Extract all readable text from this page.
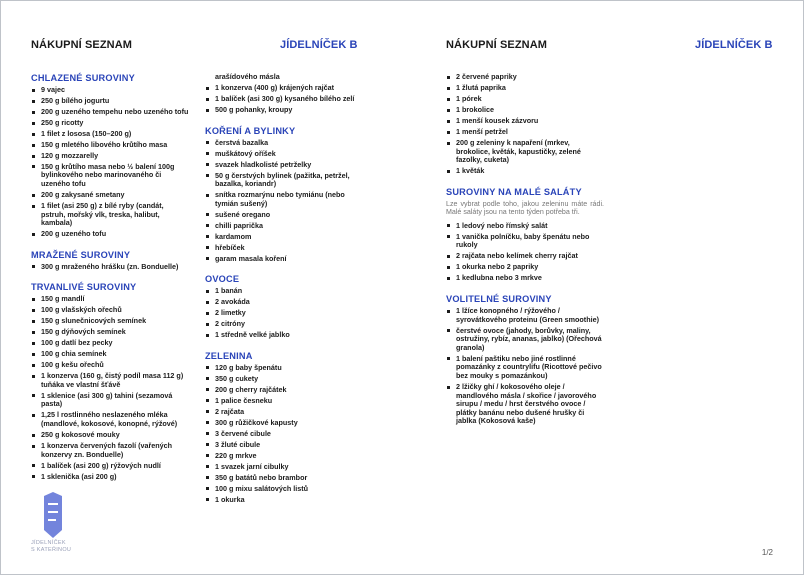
NÁKUPNÍ SEZNAM	JÍDELNÍČEK B	NÁKUPNÍ SEZNAM	JÍDELNÍČEK B
CHLAZENÉ SUROVINY
9 vajec
250 g bílého jogurtu
200 g uzeného tempehu nebo uzeného tofu
250 g ricotty
1 filet z lososa (150–200 g)
150 g mletého libového krůtího masa
120 g mozzarelly
150 g krůtího masa nebo ½ balení 100g bylinkového nebo marinovaného či uzeného tofu
200 g zakysané smetany
1 filet (asi 250 g) z bílé ryby (candát, pstruh, mořský vlk, treska, halibut, kambala)
200 g uzeného tofu
MRAŽENÉ SUROVINY
300 g mraženého hrášku (zn. Bonduelle)
TRVANLIVÉ SUROVINY
150 g mandlí
100 g vlašských ořechů
150 g slunečnicových semínek
150 g dýňových semínek
100 g datlí bez pecky
100 g chia semínek
100 g kešu ořechů
1 konzerva (160 g, čistý podíl masa 112 g) tuňáka ve vlastní šťávě
1 sklenice (asi 300 g) tahini (sezamová pasta)
1,25 l rostlinného neslazeného mléka (mandlové, kokosové, konopné, rýžové)
250 g kokosové mouky
1 konzerva červených fazolí (vařených konzervy zn. Bonduelle)
1 balíček (asi 200 g) rýžových nudlí
1 sklenička (asi 200 g)
arašídového másla
1 konzerva (400 g) krájených rajčat
1 balíček (asi 300 g) kysaného bílého zelí
500 g pohanky, kroupy
KOŘENÍ A BYLINKY
čerstvá bazalka
muškátový oříšek
svazek hladkolisté petrželky
50 g čerstvých bylinek (pažitka, petržel, bazalka, koriandr)
snítka rozmarýnu nebo tymiánu (nebo tymián sušený)
sušené oregano
chilli paprička
kardamom
hřebíček
garam masala koření
OVOCE
1 banán
2 avokáda
2 limetky
2 citróny
1 středně velké jablko
ZELENINA
120 g baby špenátu
350 g cukety
200 g cherry rajčátek
1 palice česneku
2 rajčata
300 g růžičkové kapusty
3 červené cibule
3 žluté cibule
220 g mrkve
1 svazek jarní cibulky
350 g batátů nebo brambor
100 g mixu salátových listů
1 okurka
2 červené papriky
1 žlutá paprika
1 pórek
1 brokolice
1 menší kousek zázvoru
1 menší petržel
200 g zeleniny k napaření (mrkev, brokolice, květák, kapustičky, zelené fazolky, cuketa)
1 květák
SUROVINY NA MALÉ SALÁTY
Lze vybrat podle toho, jakou zeleninu máte rádi. Malé saláty jsou na tento týden potřeba tři.
1 ledový nebo římský salát
1 vanička polníčku, baby špenátu nebo rukoly
2 rajčata nebo kelímek cherry rajčat
1 okurka nebo 2 papriky
1 kedlubna nebo 3 mrkve
VOLITELNÉ SUROVINY
1 lžíce konopného / rýžového / syrovátkového proteinu (Green smoothie)
čerstvé ovoce (jahody, borůvky, maliny, ostružiny, rybíz, ananas, jablko) (Ořechová granola)
1 balení paštiku nebo jiné rostlinné pomazánky z countrylifu (Ricottové pečivo bez mouky s pomazánkou)
2 lžičky ghí / kokosového oleje / mandlového másla / skořice / javorového sirupu / medu / hrst čerstvého ovoce / plátky banánu nebo dušené hrušky či jablka (Kokosová kaše)
JÍDELNÍČEK
S KATEŘINOU	1/2
